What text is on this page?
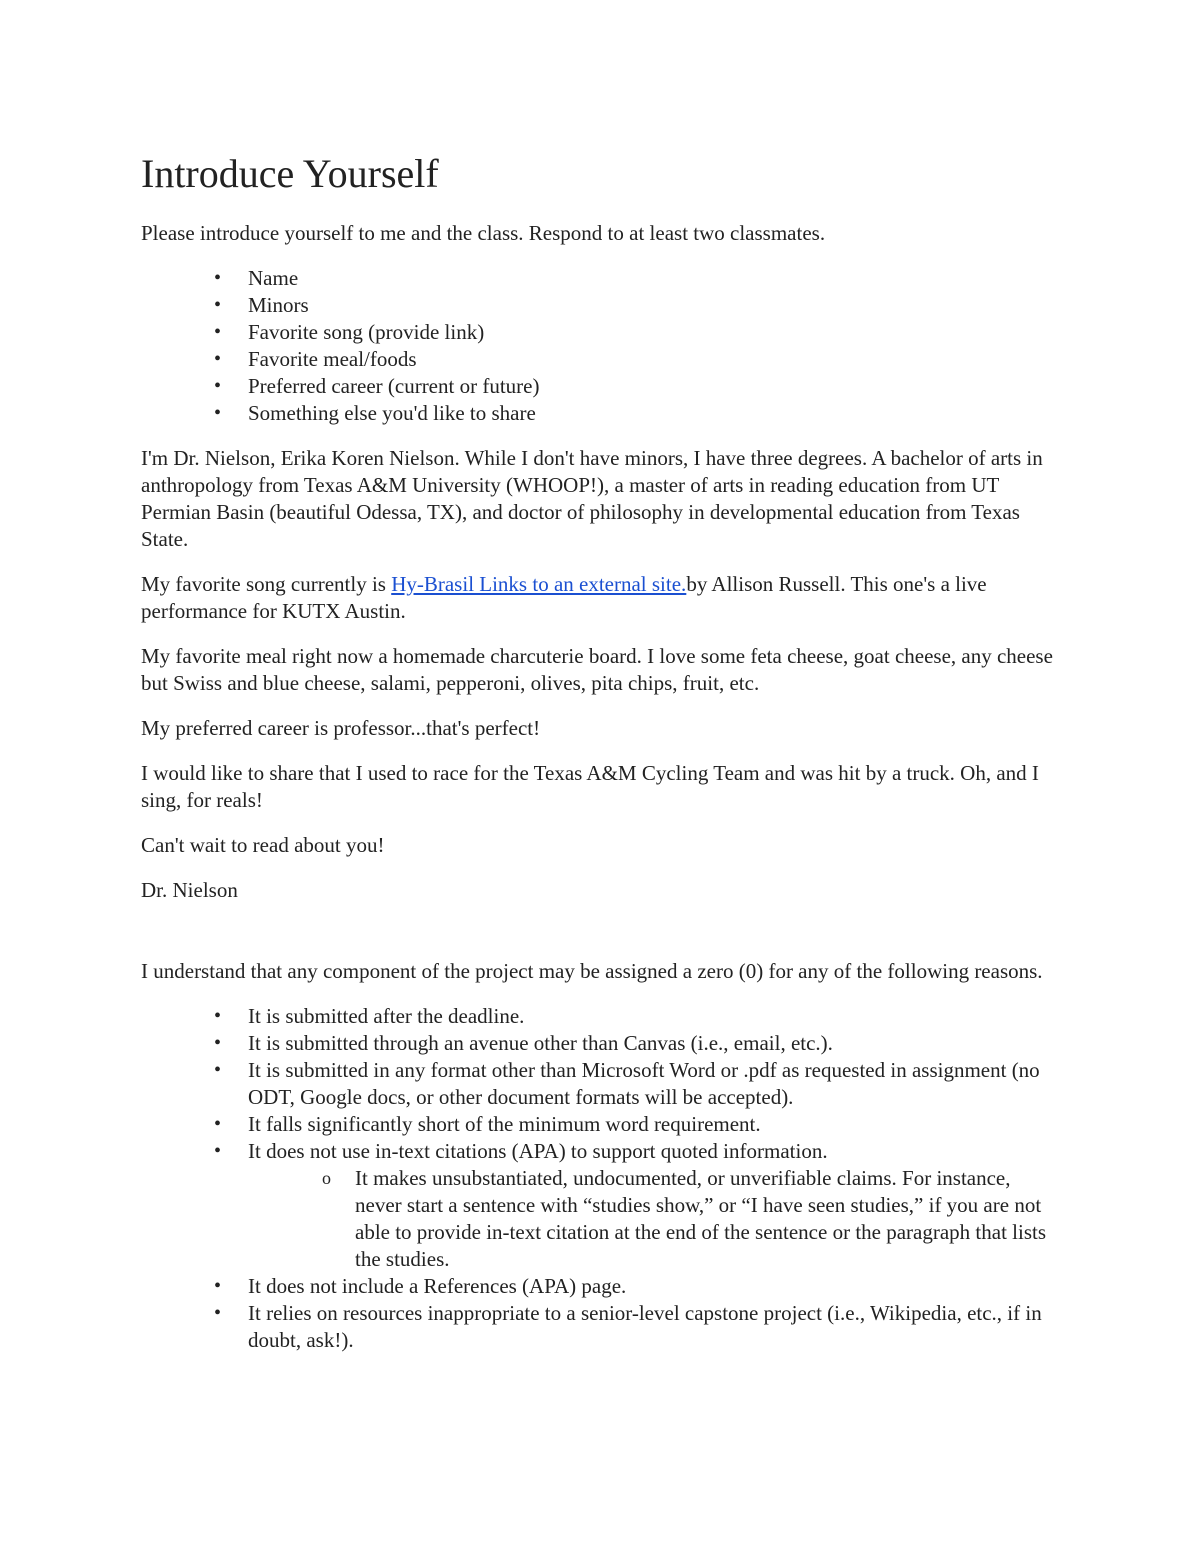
Introduce Yourself

Please introduce yourself to me and the class. Respond to at least two classmates.

• Name
• Minors
• Favorite song (provide link)
• Favorite meal/foods
• Preferred career (current or future)
• Something else you'd like to share

I'm Dr. Nielson, Erika Koren Nielson. While I don't have minors, I have three degrees. A bachelor of arts in anthropology from Texas A&M University (WHOOP!), a master of arts in reading education from UT Permian Basin (beautiful Odessa, TX), and doctor of philosophy in developmental education from Texas State.

My favorite song currently is Hy-Brasil Links to an external site.by Allison Russell. This one's a live performance for KUTX Austin.

My favorite meal right now a homemade charcuterie board. I love some feta cheese, goat cheese, any cheese but Swiss and blue cheese, salami, pepperoni, olives, pita chips, fruit, etc.

My preferred career is professor...that's perfect!

I would like to share that I used to race for the Texas A&M Cycling Team and was hit by a truck. Oh, and I sing, for reals!

Can't wait to read about you!

Dr. Nielson

I understand that any component of the project may be assigned a zero (0) for any of the following reasons.

• It is submitted after the deadline.
• It is submitted through an avenue other than Canvas (i.e., email, etc.).
• It is submitted in any format other than Microsoft Word or .pdf as requested in assignment (no ODT, Google docs, or other document formats will be accepted).
• It falls significantly short of the minimum word requirement.
• It does not use in-text citations (APA) to support quoted information.
o It makes unsubstantiated, undocumented, or unverifiable claims. For instance, never start a sentence with “studies show,” or “I have seen studies,” if you are not able to provide in-text citation at the end of the sentence or the paragraph that lists the studies.
• It does not include a References (APA) page.
• It relies on resources inappropriate to a senior-level capstone project (i.e., Wikipedia, etc., if in doubt, ask!).
